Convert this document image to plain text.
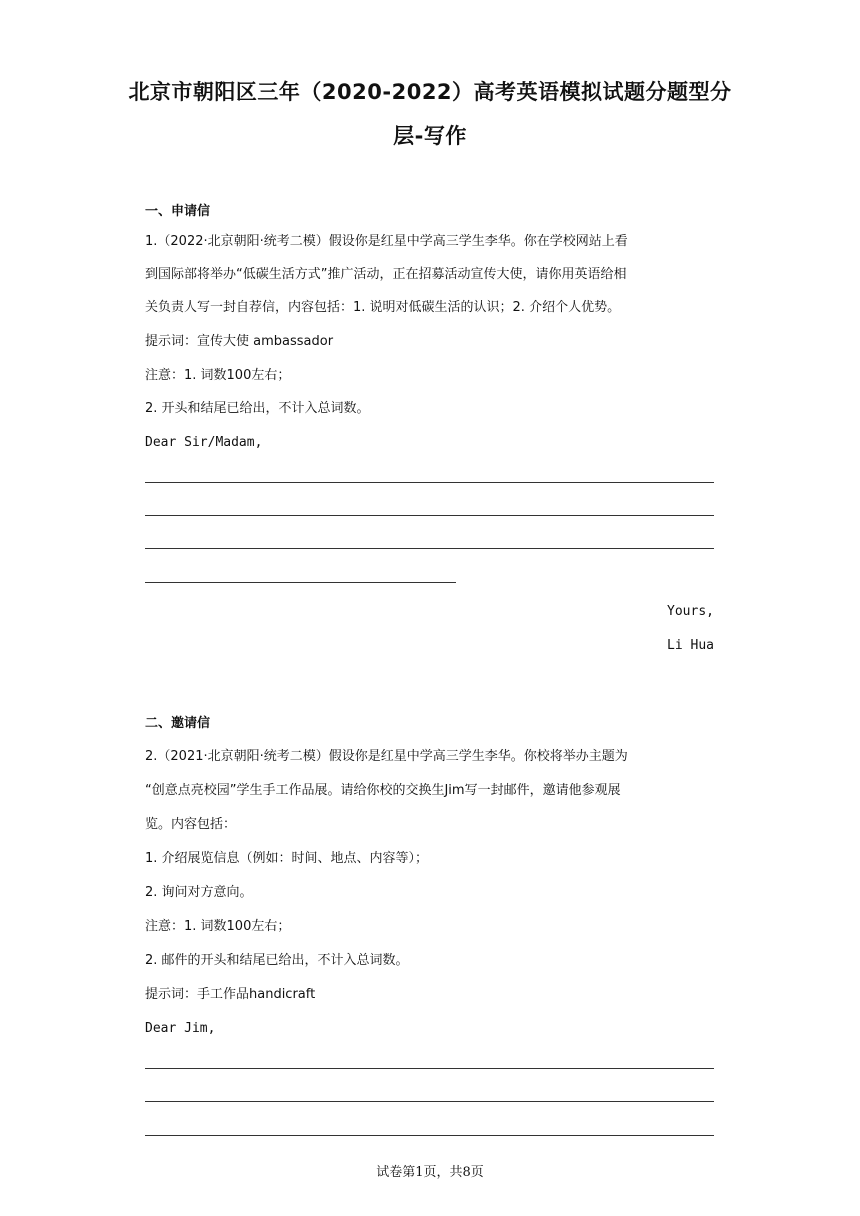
北京市朝阳区三年（2020-2022）高考英语模拟试题分题型分
层-写作
一、申请信
1.（2022·北京朝阳·统考二模）假设你是红星中学高三学生李华。你在学校网站上看
到国际部将举办“低碳生活方式”推广活动，正在招募活动宣传大使，请你用英语给相
关负责人写一封自荐信，内容包括：1. 说明对低碳生活的认识；2. 介绍个人优势。
提示词：宣传大使 ambassador
注意：1. 词数100左右；
2. 开头和结尾已给出，不计入总词数。
Dear Sir/Madam,
Yours,
Li Hua
二、邀请信
2.（2021·北京朝阳·统考二模）假设你是红星中学高三学生李华。你校将举办主题为
“创意点亮校园”学生手工作品展。请给你校的交换生Jim写一封邮件，邀请他参观展
览。内容包括：
1. 介绍展览信息（例如：时间、地点、内容等）；
2. 询问对方意向。
注意：1. 词数100左右；
2. 邮件的开头和结尾已给出，不计入总词数。
提示词：手工作品handicraft
Dear Jim,
试卷第1页，共8页
